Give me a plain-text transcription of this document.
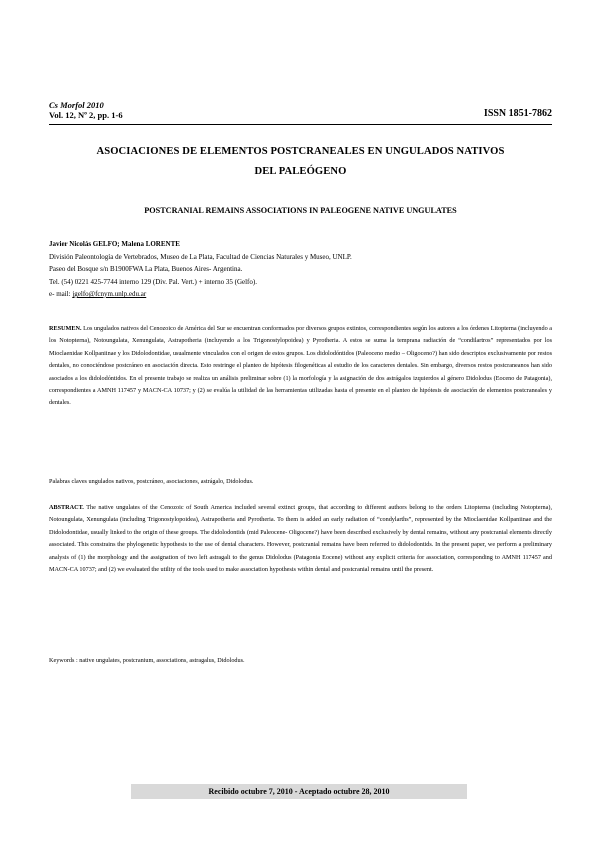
Cs Morfol 2010
Vol. 12, Nº 2, pp. 1-6	ISSN 1851-7862
ASOCIACIONES DE ELEMENTOS POSTCRANEALES EN UNGULADOS NATIVOS
DEL PALEÓGENO
POSTCRANIAL REMAINS ASSOCIATIONS IN PALEOGENE NATIVE UNGULATES
Javier Nicolás GELFO; Malena LORENTE
División Paleontología de Vertebrados, Museo de La Plata, Facultad de Ciencias Naturales y Museo, UNLP.
Paseo del Bosque s/n B1900FWA La Plata, Buenos Aires- Argentina.
Tel. (54) 0221 425-7744 interno 129 (Div. Pal. Vert.) + interno 35 (Gelfo).
e- mail: jgelfo@fcnym.unlp.edu.ar
RESUMEN. Los ungulados nativos del Cenozoico de América del Sur se encuentran conformados por diversos grupos extintos, correspondientes según los autores a los órdenes Litopterna (incluyendo a los Notopterna), Notoungulata, Xenungulata, Astrapotheria (incluyendo a los Trigonostylopoidea) y Pyrotheria. A estos se suma la temprana radiación de “condilartros” representados por los Mioclaenidae Kollpaniinae y los Didolodontidae, usualmente vinculados con el origen de estos grupos. Los didolodóntidos (Paleoceno medio – Oligoceno?) han sido descriptos exclusivamente por restos dentales, no conociéndose postcráneo en asociación directa. Esto restringe el planteo de hipótesis filogenéticas al estudio de los caracteres dentales. Sin embargo, diversos restos postcraneanos han sido asociados a los didolodóntidos. En el presente trabajo se realiza un análisis preliminar sobre (1) la morfología y la asignación de dos astrágalos izquierdos al género Didolodus (Eoceno de Patagonia), correspondientes a AMNH 117457 y MACN-CA 10737; y (2) se evalúa la utilidad de las herramientas utilizadas hasta el presente en el planteo de hipótesis de asociación de elementos postcraneales y dentales.
Palabras claves ungulados nativos, postcráneo, asociaciones, astrágalo, Didolodus.
ABSTRACT. The native ungulates of the Cenozoic of South America included several extinct groups, that according to different authors belong to the orders Litopterna (including Notopterna), Notoungulata, Xenungulata (including Trigonostylopoidea), Astrapotheria and Pyrotheria. To them is added an early radiation of “condylarths”, represented by the Mioclaenidae Kollpaniinae and the Didolodontidae, usually linked to the origin of these groups. The didolodontids (mid Paleocene- Oligocene?) have been described exclusively by dental remains, without any postcranial elements directly associated. This constrains the phylogenetic hypothesis to the use of dental characters. However, postcranial remains have been referred to didolodontids. In the present paper, we perform a preliminary analysis of (1) the morphology and the assignation of two left astragali to the genus Didolodus (Patagonia Eocene) without any explicit criteria for association, corresponding to AMNH 117457 and MACN-CA 10737; and (2) we evaluated the utility of the tools used to make association hypothesis within dental and postcranial remains until the present.
Keywords : native ungulates, postcranium, associations, astragalus, Didolodus.
Recibido octubre 7, 2010 - Aceptado octubre 28, 2010
